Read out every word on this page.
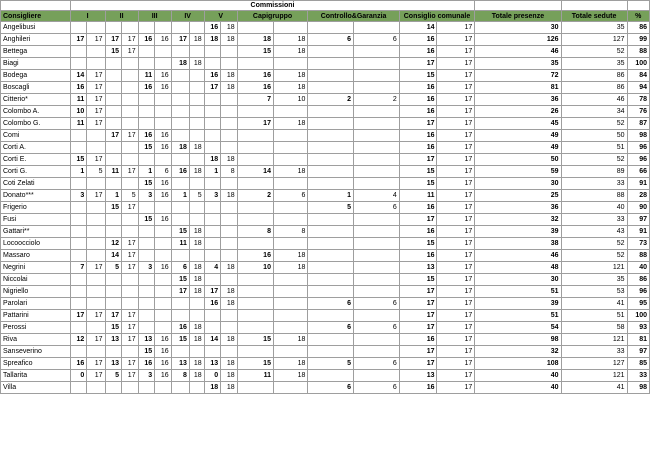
	Commissioni																		
Consigliere	I		II		III		IV		V		Capigruppo		Controllo&Garanzia		Consiglio comunale		Totale presenze	Totale sedute	%
Angelibusi									16	18					14	17	30	35	86
Anghileri	17	17	17	17	16	16	17	18	18	18	18	18	6	6	16	17	126	127	99
Bettega			15	17							15	18			16	17	46	52	88
Biagi							18	18							17	17	35	35	100
Bodega	14	17			11	16			16	18	16	18			15	17	72	86	84
Boscagli	16	17			16	16			17	18	16	18			16	17	81	86	94
Citterio*	11	17									7	10	2	2	16	17	36	46	78
Colombo A.	10	17													16	17	26	34	76
Colombo G.	11	17									17	18			17	17	45	52	87
Comi			17	17	16	16									16	17	49	50	98
Corti A.					15	16	18	18							16	17	49	51	96
Corti E.	15	17							18	18					17	17	50	52	96
Corti G.	1	5	11	17	1	6	16	18	1	8	14	18			15	17	59	89	66
Coti Zelati					15	16									15	17	30	33	91
Donato***	3	17	1	5	3	16	1	5	3	18	2	6	1	4	11	17	25	88	28
Frigerio			15	17									5	6	16	17	36	40	90
Fusi					15	16									17	17	32	33	97
Gattari**							15	18			8	8			16	17	39	43	91
Locoocciolo			12	17			11	18							15	17	38	52	73
Massaro			14	17							16	18			16	17	46	52	88
Negrini	7	17	5	17	3	16	6	18	4	18	10	18			13	17	48	121	40
Niccolai							15	18							15	17	30	35	86
Nigriello							17	18	17	18					17	17	51	53	96
Parolari									16	18			6	6	17	17	39	41	95
Pattarini	17	17	17	17											17	17	51	51	100
Perossi			15	17			16	18					6	6	17	17	54	58	93
Riva	12	17	13	17	13	16	15	18	14	18	15	18			16	17	98	121	81
Sanseverino					15	16									17	17	32	33	97
Spreafico	16	17	13	17	16	16	13	18	13	18	15	18	5	6	17	17	108	127	85
Tallarita	0	17	5	17	3	16	8	18	0	18	11	18			13	17	40	121	33
Villa									18	18			6	6	16	17	40	41	98
